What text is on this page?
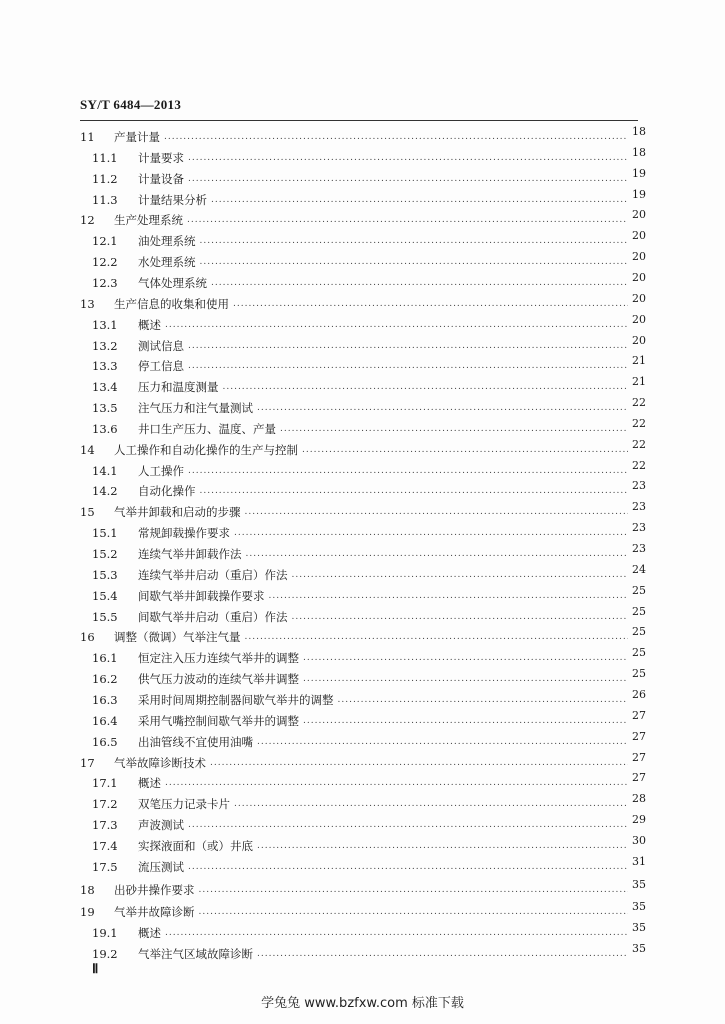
SY/T 6484—2013
11	产量计量 .....	18
11.1	计量要求 .....	18
11.2	计量设备 .....	19
11.3	计量结果分析 .....	19
12	生产处理系统 .....	20
12.1	油处理系统 .....	20
12.2	水处理系统 .....	20
12.3	气体处理系统 .....	20
13	生产信息的收集和使用 .....	20
13.1	概述 .....	20
13.2	测试信息 .....	20
13.3	停工信息 .....	21
13.4	压力和温度测量 .....	21
13.5	注气压力和注气量测试 .....	22
13.6	井口生产压力、温度、产量 .....	22
14	人工操作和自动化操作的生产与控制 .....	22
14.1	人工操作 .....	22
14.2	自动化操作 .....	23
15	气举井卸载和启动的步骤 .....	23
15.1	常规卸载操作要求 .....	23
15.2	连续气举井卸载作法 .....	23
15.3	连续气举井启动（重启）作法 .....	24
15.4	间歇气举井卸载操作要求 .....	25
15.5	间歇气举井启动（重启）作法 .....	25
16	调整（微调）气举注气量 .....	25
16.1	恒定注入压力连续气举井的调整 .....	25
16.2	供气压力波动的连续气举井调整 .....	25
16.3	采用时间周期控制器间歇气举井的调整 .....	26
16.4	采用气嘴控制间歇气举井的调整 .....	27
16.5	出油管线不宜使用油嘴 .....	27
17	气举故障诊断技术 .....	27
17.1	概述 .....	27
17.2	双笔压力记录卡片 .....	28
17.3	声波测试 .....	29
17.4	实探液面和（或）井底 .....	30
17.5	流压测试 .....	31
18	出砂井操作要求 .....	35
19	气举井故障诊断 .....	35
19.1	概述 .....	35
19.2	气举注气区域故障诊断 .....	35
Ⅱ
学兔兔 www.bzfxw.com 标准下载
